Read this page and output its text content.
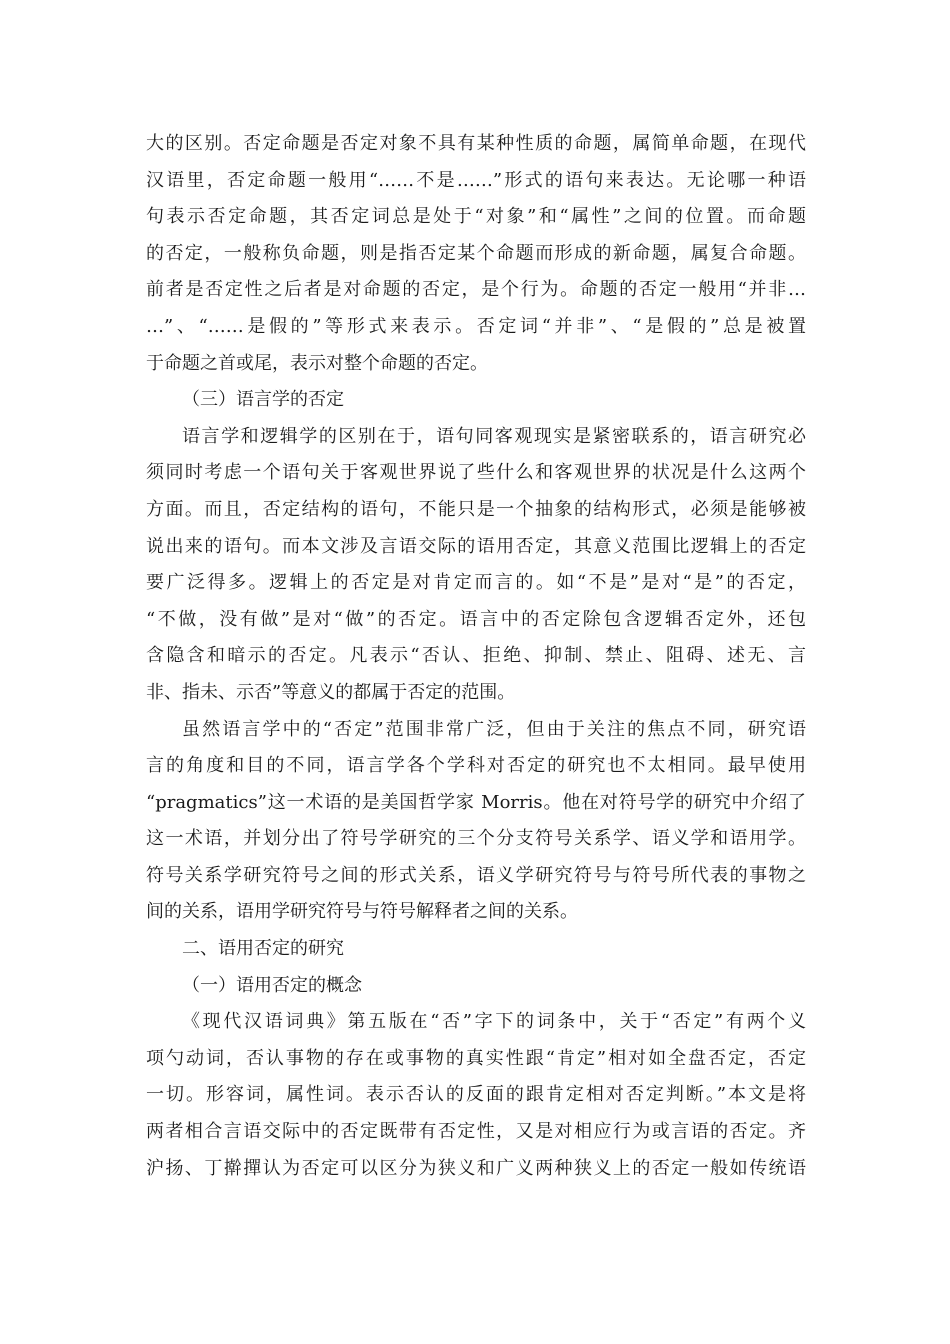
大的区别。否定命题是否定对象不具有某种性质的命题，属简单命题，在现代
汉语里，否定命题一般用“……不是……”形式的语句来表达。无论哪一种语
句表示否定命题，其否定词总是处于“对象”和“属性”之间的位置。而命题
的否定，一般称负命题，则是指否定某个命题而形成的新命题，属复合命题。
前者是否定性之后者是对命题的否定，是个行为。命题的否定一般用“并非…
…”、“……是假的”等形式来表示。否定词“并非”、“是假的”总是被置
于命题之首或尾，表示对整个命题的否定。
（三）语言学的否定
语言学和逻辑学的区别在于，语句同客观现实是紧密联系的，语言研究必
须同时考虑一个语句关于客观世界说了些什么和客观世界的状况是什么这两个
方面。而且，否定结构的语句，不能只是一个抽象的结构形式，必须是能够被
说出来的语句。而本文涉及言语交际的语用否定，其意义范围比逻辑上的否定
要广泛得多。逻辑上的否定是对肯定而言的。如“不是”是对“是”的否定，
“不做，没有做”是对“做”的否定。语言中的否定除包含逻辑否定外，还包
含隐含和暗示的否定。凡表示“否认、拒绝、抑制、禁止、阻碍、述无、言
非、指未、示否”等意义的都属于否定的范围。
虽然语言学中的“否定”范围非常广泛，但由于关注的焦点不同，研究语
言的角度和目的不同，语言学各个学科对否定的研究也不太相同。最早使用
“pragmatics”这一术语的是美国哲学家 Morris。他在对符号学的研究中介绍了
这一术语，并划分出了符号学研究的三个分支符号关系学、语义学和语用学。
符号关系学研究符号之间的形式关系，语义学研究符号与符号所代表的事物之
间的关系，语用学研究符号与符号解释者之间的关系。
二、语用否定的研究
（一）语用否定的概念
《现代汉语词典》第五版在“否”字下的词条中，关于“否定”有两个义
项勺动词，否认事物的存在或事物的真实性跟“肯定”相对如全盘否定，否定
一切。形容词，属性词。表示否认的反面的跟肯定相对否定判断。”本文是将
两者相合言语交际中的否定既带有否定性，又是对相应行为或言语的否定。齐
沪扬、丁擀撣认为否定可以区分为狭义和广义两种狭义上的否定一般如传统语
